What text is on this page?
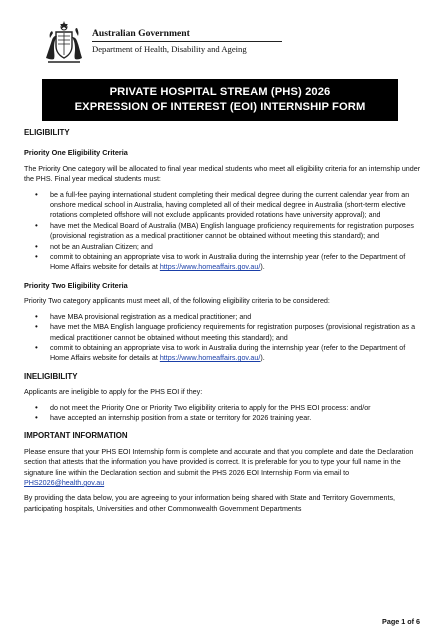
Australian Government
Department of Health, Disability and Ageing
PRIVATE HOSPITAL STREAM (PHS) 2026
EXPRESSION OF INTEREST (EOI) INTERNSHIP FORM
ELIGIBILITY
Priority One Eligibility Criteria
The Priority One category will be allocated to final year medical students who meet all eligibility criteria for an internship under the PHS. Final year medical students must:
• be a full-fee paying international student completing their medical degree during the current calendar year from an onshore medical school in Australia, having completed all of their medical degree in Australia (short-term elective rotations completed offshore will not exclude applicants provided rotations have university approval); and
• have met the Medical Board of Australia (MBA) English language proficiency requirements for registration purposes (provisional registration as a medical practitioner cannot be obtained without meeting this standard); and
• not be an Australian Citizen; and
• commit to obtaining an appropriate visa to work in Australia during the internship year (refer to the Department of Home Affairs website for details at https://www.homeaffairs.gov.au/).
Priority Two Eligibility Criteria
Priority Two category applicants must meet all, of the following eligibility criteria to be considered:
• have MBA provisional registration as a medical practitioner; and
• have met the MBA English language proficiency requirements for registration purposes (provisional registration as a medical practitioner cannot be obtained without meeting this standard); and
• commit to obtaining an appropriate visa to work in Australia during the internship year (refer to the Department of Home Affairs website for details at https://www.homeaffairs.gov.au/).
INELIGIBILITY
Applicants are ineligible to apply for the PHS EOI if they:
• do not meet the Priority One or Priority Two eligibility criteria to apply for the PHS EOI process: and/or
• have accepted an internship position from a state or territory for 2026 training year.
IMPORTANT INFORMATION
Please ensure that your PHS EOI Internship form is complete and accurate and that you complete and date the Declaration section that attests that the information you have provided is correct. It is preferable for you to type your full name in the signature line within the Declaration section and submit the PHS 2026 EOI Internship Form via email to PHS2026@health.gov.au
By providing the data below, you are agreeing to your information being shared with State and Territory Governments, participating hospitals, Universities and other Commonwealth Government Departments
Page 1 of 6
